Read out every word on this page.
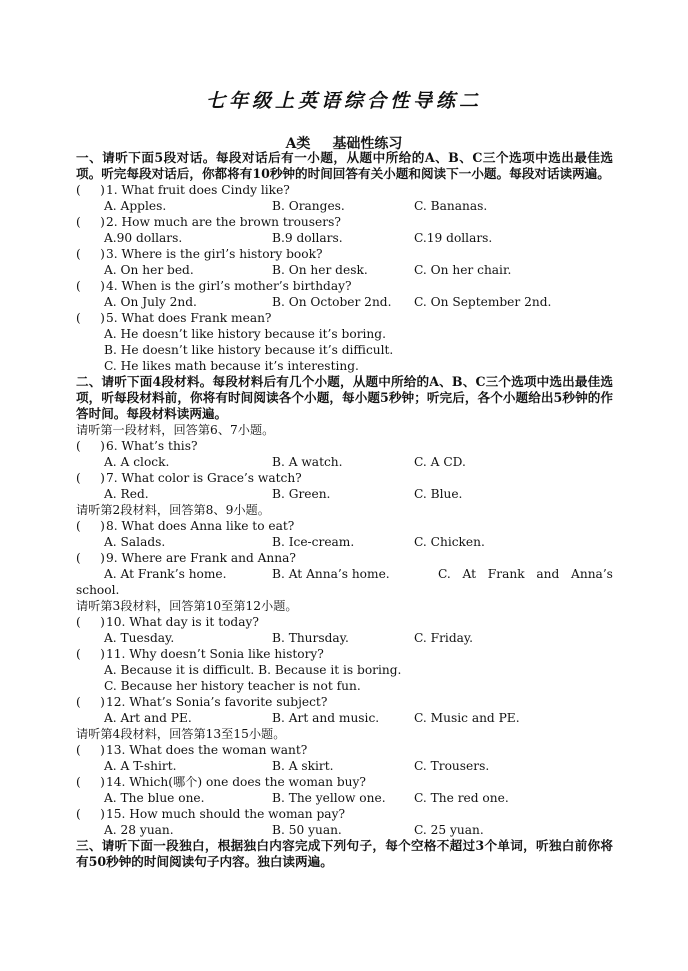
七年级上英语综合性导练二
A类 基础性练习
一、请听下面5段对话。每段对话后有一小题，从题中所给的A、B、C三个选项中选出最佳选项。听完每段对话后，你都将有10秒钟的时间回答有关小题和阅读下一小题。每段对话读两遍。
( )1. What fruit does Cindy like?
A. Apples.	B. Oranges.	C. Bananas.
( )2. How much are the brown trousers?
A.90 dollars.	B.9 dollars.	C.19 dollars.
( )3. Where is the girl’s history book?
A. On her bed.	B. On her desk.	C. On her chair.
( )4. When is the girl’s mother’s birthday?
A. On July 2nd.	B. On October 2nd.	C. On September 2nd.
( )5. What does Frank mean?
A. He doesn’t like history because it’s boring.
B. He doesn’t like history because it’s difficult.
C. He likes math because it’s interesting.
二、请听下面4段材料。每段材料后有几个小题，从题中所给的A、B、C三个选项中选出最佳选项，听每段材料前，你将有时间阅读各个小题，每小题5秒钟；听完后，各个小题给出5秒钟的作答时间。每段材料读两遍。
请听第一段材料，回答第6、7小题。
( )6. What’s this?
A. A clock.	B. A watch.	C. A CD.
( )7. What color is Grace’s watch?
A. Red.	B. Green.	C. Blue.
请听第2段材料，回答第8、9小题。
( )8. What does Anna like to eat?
A. Salads.	B. Ice-cream.	C. Chicken.
( )9. Where are Frank and Anna?
A. At Frank’s home.	B. At Anna’s home.	C. At Frank and Anna’s
school.
请听第3段材料，回答第10至第12小题。
( )10. What day is it today?
A. Tuesday.	B. Thursday.	C. Friday.
( )11. Why doesn’t Sonia like history?
A. Because it is difficult. B. Because it is boring.
C. Because her history teacher is not fun.
( )12. What’s Sonia’s favorite subject?
A. Art and PE.	B. Art and music.	C. Music and PE.
请听第4段材料，回答第13至15小题。
( )13. What does the woman want?
A. A T-shirt.	B. A skirt.	C. Trousers.
( )14. Which(哪个) one does the woman buy?
A. The blue one.	B. The yellow one.	C. The red one.
( )15. How much should the woman pay?
A. 28 yuan.	B. 50 yuan.	C. 25 yuan.
三、请听下面一段独白，根据独白内容完成下列句子，每个空格不超过3个单词，听独白前你将有50秒钟的时间阅读句子内容。独白读两遍。
